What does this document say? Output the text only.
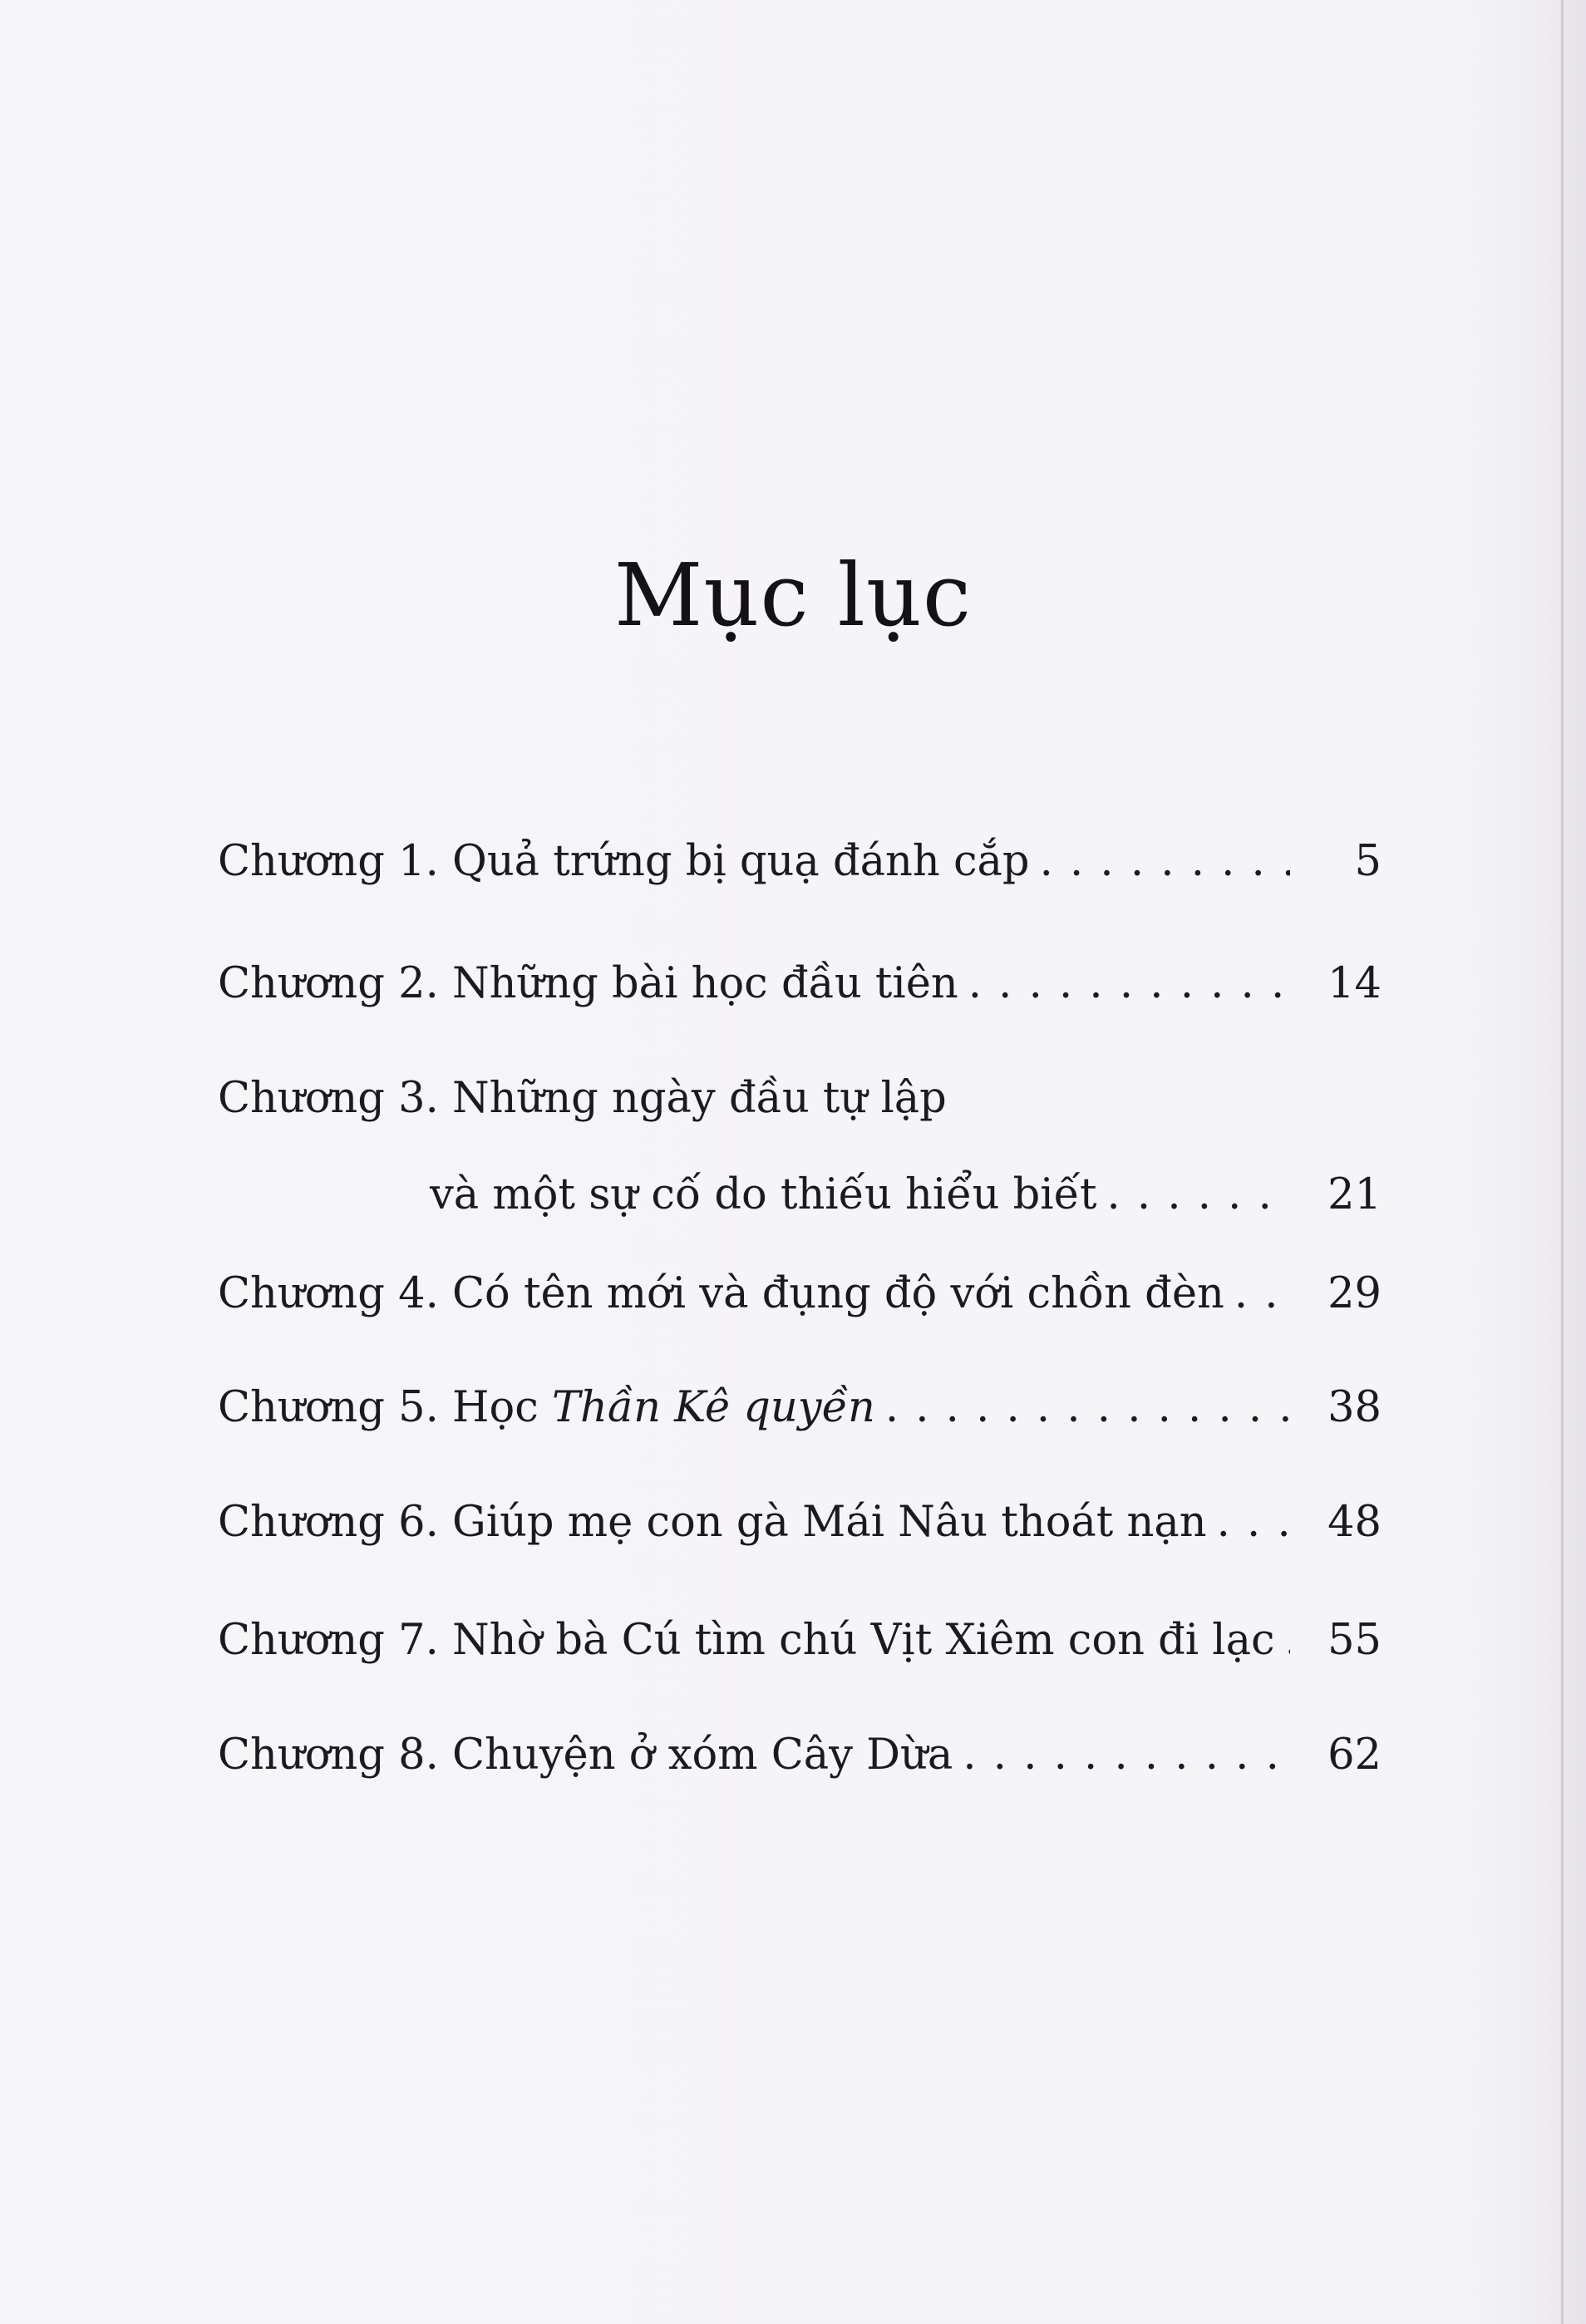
Mục lục
Chương 1. Quả trứng bị quạ đánh cắp . . .	5
Chương 2. Những bài học đầu tiên . . .	14
Chương 3. Những ngày đầu tự lập
và một sự cố do thiếu hiểu biết . . .	21
Chương 4. Có tên mới và đụng độ với chồn đèn . . .	29
Chương 5. Học Thần Kê quyền . . .	38
Chương 6. Giúp mẹ con gà Mái Nâu thoát nạn . . .	48
Chương 7. Nhờ bà Cú tìm chú Vịt Xiêm con đi lạc . . .	55
Chương 8. Chuyện ở xóm Cây Dừa . . .	62
